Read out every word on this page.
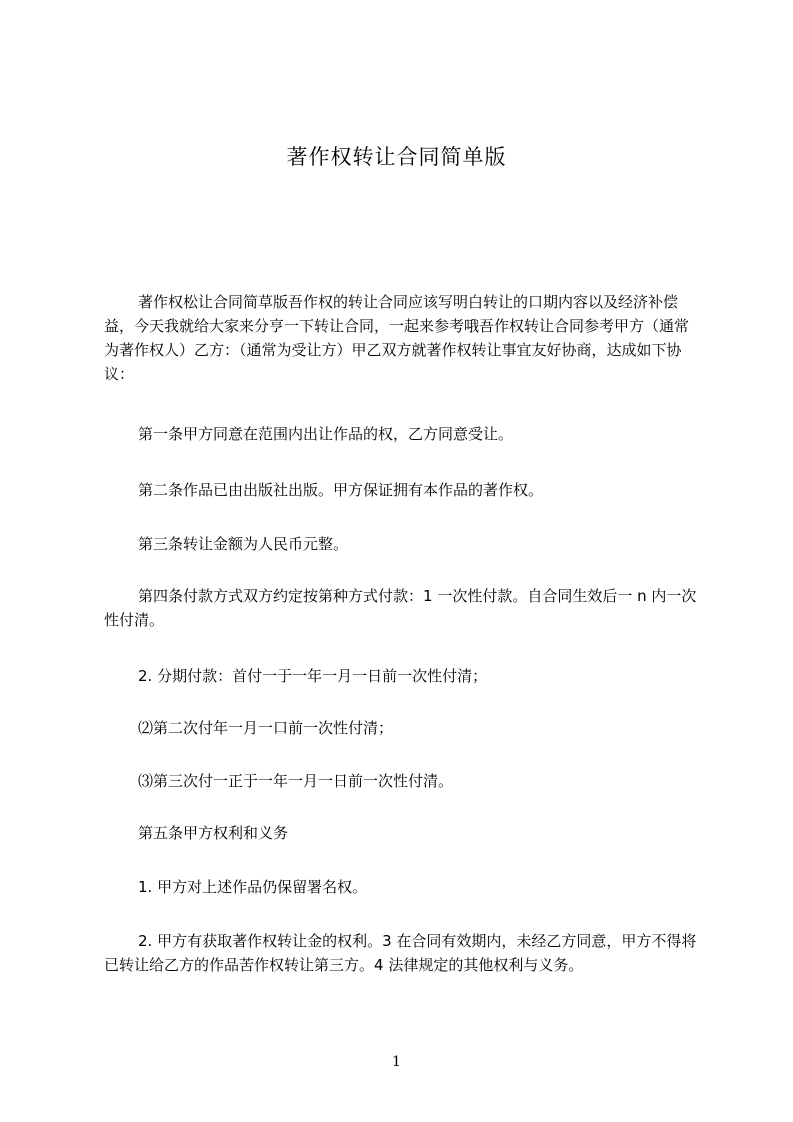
著作权转让合同简单版

著作权松让合同简草版吾作权的转让合同应该写明白转让的口期内容以及经济补偿益，今天我就给大家来分亨一下转让合同，一起来参考哦吾作权转让合同参考甲方（通常为著作权人）乙方：（通常为受让方）甲乙双方就著作权转让事宜友好协商，达成如下协议：

第一条甲方同意在范围内出让作品的权，乙方同意受让。

第二条作品已由出版社出版。甲方保证拥有本作品的著作权。

第三条转让金额为人民币元整。

第四条付款方式双方约定按第种方式付款：1 一次性付款。自合同生效后一 n 内一次性付清。

2. 分期付款：首付一于一年一月一日前一次性付清；

⑵第二次付年一月一口前一次性付清；

⑶第三次付一正于一年一月一日前一次性付清。

第五条甲方权利和义务

1. 甲方对上述作品仍保留署名权。

2. 甲方有获取著作权转让金的权利。3 在合同有效期内，未经乙方同意，甲方不得将已转让给乙方的作品苦作权转让第三方。4 法律规定的其他权利与义务。

1
